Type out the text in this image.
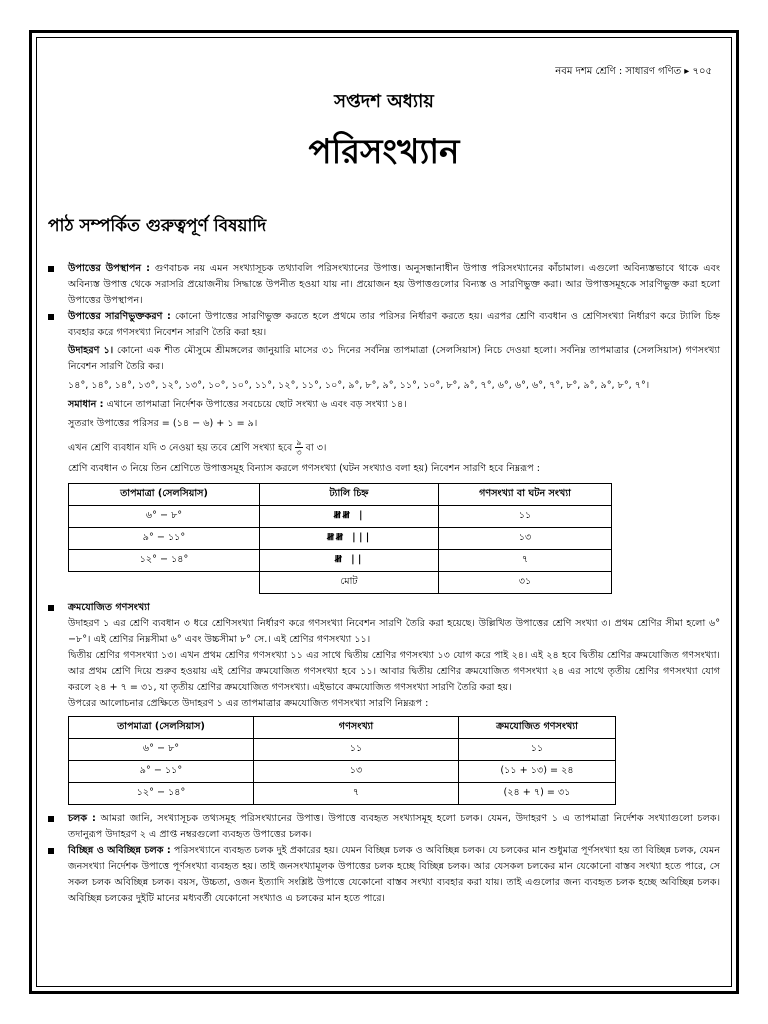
নবম দশম শ্রেণি : সাধারণ গণিত ▸ ৭০৫
সপ্তদশ অধ্যায়
পরিসংখ্যান
পাঠ সম্পর্কিত গুরুত্বপূর্ণ বিষয়াদি
উপাত্তের উপস্থাপন : গুণবাচক নয় এমন সংখ্যাসূচক তথ্যাবলি পরিসংখ্যানের উপাত্ত। অনুসন্ধানাধীন উপাত্ত পরিসংখ্যানের কাঁচামাল। এগুলো অবিন্যস্তভাবে থাকে এবং অবিন্যস্ত উপাত্ত থেকে সরাসরি প্রয়োজনীয় সিদ্ধান্তে উপনীত হওয়া যায় না। প্রয়োজন হয় উপাত্তগুলোর বিন্যস্ত ও সারণিভুক্ত করা। আর উপাত্তসমূহকে সারণিভুক্ত করা হলো উপাত্তের উপস্থাপন।
উপাত্তের সারণিভুক্তকরণ : কোনো উপাত্তের সারণিভুক্ত করতে হলে প্রথমে তার পরিসর নির্ধারণ করতে হয়। এরপর শ্রেণি ব্যবধান ও শ্রেণিসংখ্যা নির্ধারণ করে ট্যালি চিহ্ন ব্যবহার করে গণসংখ্যা নিবেশন সারণি তৈরি করা হয়।
উদাহরণ ১। কোনো এক শীত মৌসুমে শ্রীমঙ্গলের জানুয়ারি মাসের ৩১ দিনের সর্বনিম্ন তাপমাত্রা (সেলসিয়াস) নিচে দেওয়া হলো। সর্বনিম্ন তাপমাত্রার (সেলসিয়াস) গণসংখ্যা নিবেশন সারণি তৈরি কর।
১৪°, ১৪°, ১৪°, ১৩°, ১২°, ১৩°, ১০°, ১০°, ১১°, ১২°, ১১°, ১০°, ৯°, ৮°, ৯°, ১১°, ১০°, ৮°, ৯°, ৭°, ৬°, ৬°, ৬°, ৭°, ৮°, ৯°, ৯°, ৮°, ৭°।
সমাধান : এখানে তাপমাত্রা নির্দেশক উপাত্তের সবচেয়ে ছোট সংখ্যা ৬ এবং বড় সংখ্যা ১৪।
সুতরাং উপাত্তের পরিসর = (১৪ − ৬) + ১ = ৯।
এখন শ্রেণি ব্যবধান যদি ৩ নেওয়া হয় তবে শ্রেণি সংখ্যা হবে ৯
৩ বা ৩।
শ্রেণি ব্যবধান ৩ নিয়ে তিন শ্রেণিতে উপাত্তসমূহ বিন্যাস করলে গণসংখ্যা (ঘটন সংখ্যাও বলা হয়) নিবেশন সারণি হবে নিম্নরূপ :
তাপমাত্রা (সেলসিয়াস)	ট্যালি চিহ্ন	গণসংখ্যা বা ঘটন সংখ্যা
৬° − ৮°	𝍸𝍸 |	১১
৯° − ১১°	𝍸𝍸 |||	১৩
১২° − ১৪°	𝍸 ||	৭
	মোট	৩১
ক্রমযোজিত গণসংখ্যা
উদাহরণ ১ এর শ্রেণি ব্যবধান ৩ ধরে শ্রেণিসংখ্যা নির্ধারণ করে গণসংখ্যা নিবেশন সারণি তৈরি করা হয়েছে। উল্লিখিত উপাত্তের শ্রেণি সংখ্যা ৩। প্রথম শ্রেণির সীমা হলো ৬°−৮°। এই শ্রেণির নিম্নসীমা ৬° এবং উচ্চসীমা ৮° সে.। এই শ্রেণির গণসংখ্যা ১১।
দ্বিতীয় শ্রেণির গণসংখ্যা ১৩। এখন প্রথম শ্রেণির গণসংখ্যা ১১ এর সাথে দ্বিতীয় শ্রেণির গণসংখ্যা ১৩ যোগ করে পাই ২৪। এই ২৪ হবে দ্বিতীয় শ্রেণির ক্রমযোজিত গণসংখ্যা। আর প্রথম শ্রেণি দিয়ে শুরুব হওয়ায় এই শ্রেণির ক্রমযোজিত গণসংখ্যা হবে ১১। আবার দ্বিতীয় শ্রেণির ক্রমযোজিত গণসংখ্যা ২৪ এর সাথে তৃতীয় শ্রেণির গণসংখ্যা যোগ করলে ২৪ + ৭ = ৩১, যা তৃতীয় শ্রেণির ক্রমযোজিত গণসংখ্যা। এইভাবে ক্রমযোজিত গণসংখ্যা সারণি তৈরি করা হয়।
উপরের আলোচনার প্রেক্ষিতে উদাহরণ ১ এর তাপমাত্রার ক্রমযোজিত গণসংখ্যা সারণি নিম্নরূপ :
তাপমাত্রা (সেলসিয়াস)	গণসংখ্যা	ক্রমযোজিত গণসংখ্যা
৬° − ৮°	১১	১১
৯° − ১১°	১৩	(১১ + ১৩) = ২৪
১২° − ১৪°	৭	(২৪ + ৭) = ৩১
চলক : আমরা জানি, সংখ্যাসূচক তথ্যসমূহ পরিসংখ্যানের উপাত্ত। উপাত্তে ব্যবহৃত সংখ্যাসমূহ হলো চলক। যেমন, উদাহরণ ১ এ তাপমাত্রা নির্দেশক সংখ্যাগুলো চলক। তদানুরূপ উদাহরণ ২ এ প্রাপ্ত নম্বরগুলো ব্যবহৃত উপাত্তের চলক।
বিচ্ছিন্ন ও অবিচ্ছিন্ন চলক : পরিসংখ্যানে ব্যবহৃত চলক দুই প্রকারের হয়। যেমন বিচ্ছিন্ন চলক ও অবিচ্ছিন্ন চলক। যে চলকের মান শুধুমাত্র পূর্ণসংখ্যা হয় তা বিচ্ছিন্ন চলক, যেমন জনসংখ্যা নির্দেশক উপাত্তে পূর্ণসংখ্যা ব্যবহৃত হয়। তাই জনসংখ্যামূলক উপাত্তের চলক হচ্ছে বিচ্ছিন্ন চলক। আর যেসকল চলকের মান যেকোনো বাস্তব সংখ্যা হতে পারে, সে সকল চলক অবিচ্ছিন্ন চলক। বয়স, উচ্চতা, ওজন ইত্যাদি সংশ্লিষ্ট উপাত্তে যেকোনো বাস্তব সংখ্যা ব্যবহার করা যায়। তাই এগুলোর জন্য ব্যবহৃত চলক হচ্ছে অবিচ্ছিন্ন চলক। অবিচ্ছিন্ন চলকের দুইটি মানের মধ্যবর্তী যেকোনো সংখ্যাও এ চলকের মান হতে পারে।
